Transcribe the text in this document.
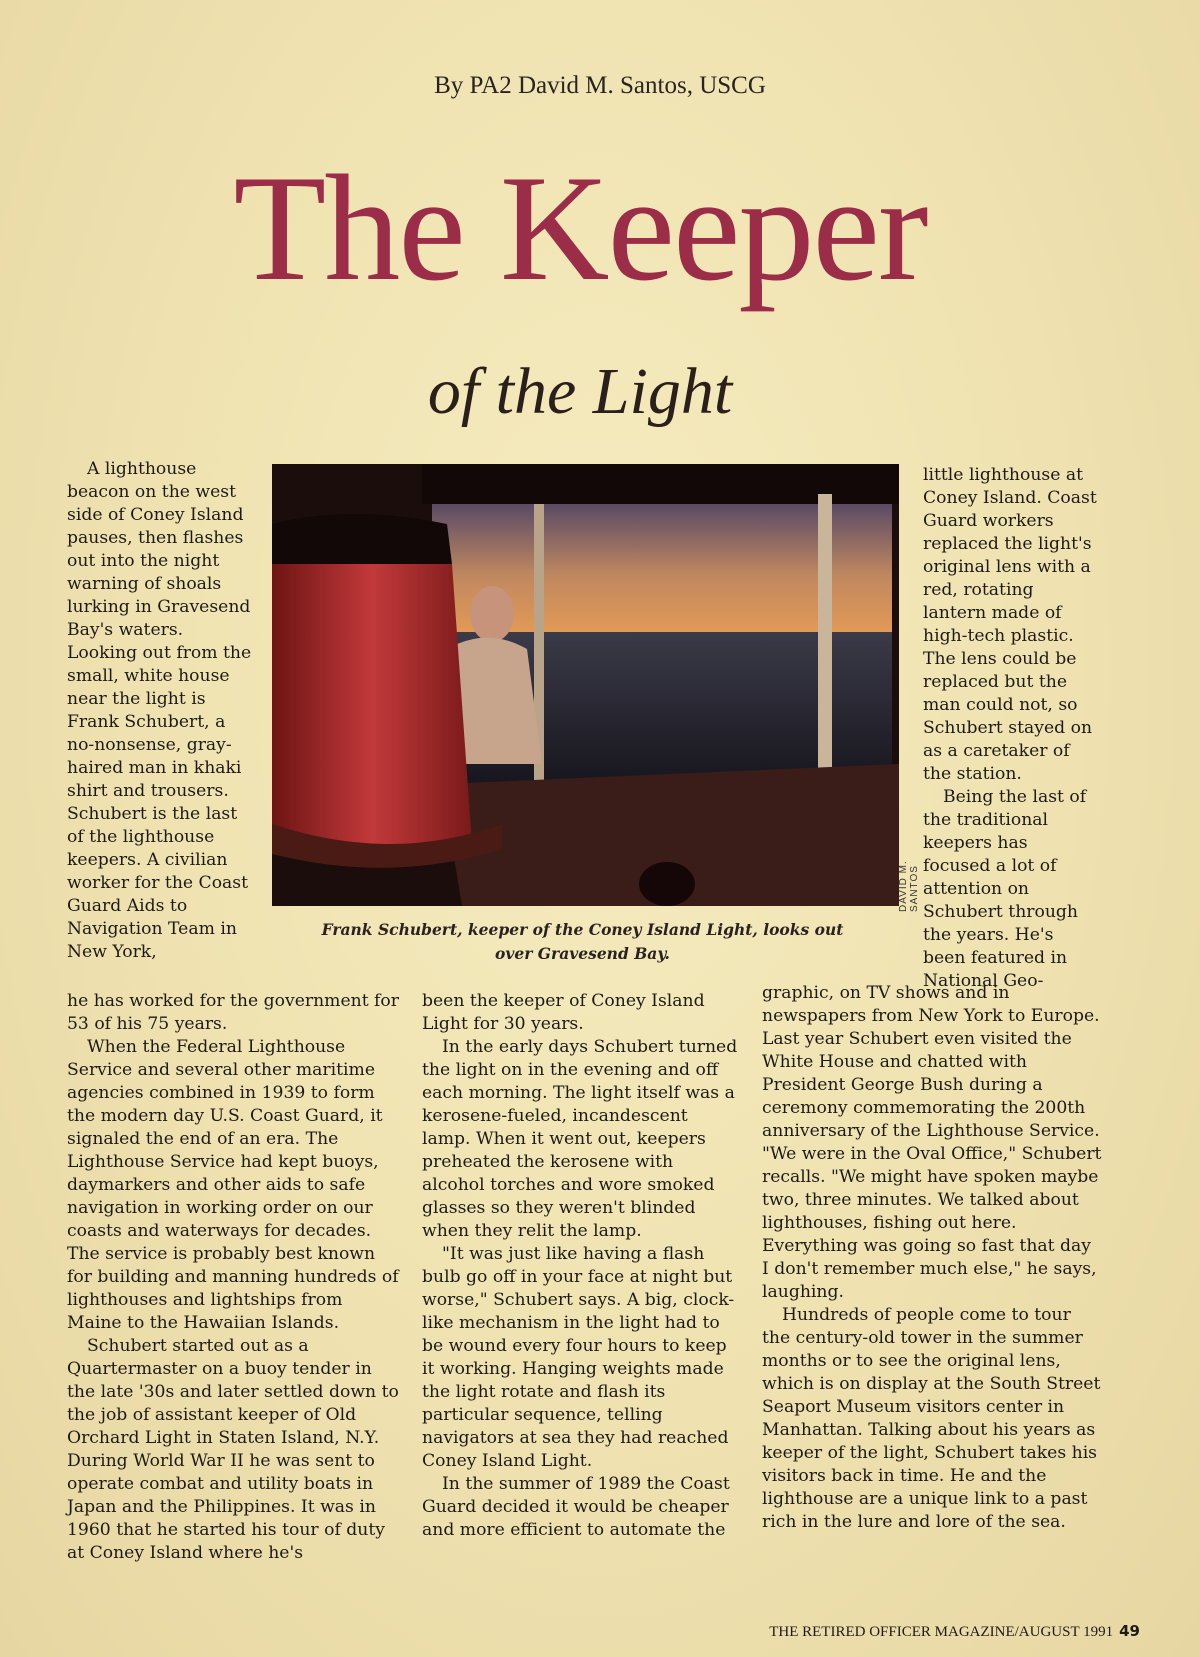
By PA2 David M. Santos, USCG
The Keeper
of the Light
DAVID M. SANTOS
Frank Schubert, keeper of the Coney Island Light, looks out
over Gravesend Bay.

A lighthouse beacon on the west side of Coney Island pauses, then flashes out into the night warning of shoals lurking in Gravesend Bay's waters. Looking out from the small, white house near the light is Frank Schubert, a no-nonsense, gray-haired man in khaki shirt and trousers. Schubert is the last of the lighthouse keepers. A civilian worker for the Coast Guard Aids to Navigation Team in New York,

little lighthouse at Coney Island. Coast Guard workers replaced the light's original lens with a red, rotating lantern made of high-tech plastic. The lens could be replaced but the man could not, so Schubert stayed on as a caretaker of the station.

Being the last of the traditional keepers has focused a lot of attention on Schubert through the years. He's been featured in National Geo-

he has worked for the government for 53 of his 75 years.

When the Federal Lighthouse Service and several other maritime agencies combined in 1939 to form the modern day U.S. Coast Guard, it signaled the end of an era. The Lighthouse Service had kept buoys, daymarkers and other aids to safe navigation in working order on our coasts and waterways for decades. The service is probably best known for building and manning hundreds of lighthouses and lightships from Maine to the Hawaiian Islands.

Schubert started out as a Quartermaster on a buoy tender in the late '30s and later settled down to the job of assistant keeper of Old Orchard Light in Staten Island, N.Y. During World War II he was sent to operate combat and utility boats in Japan and the Philippines. It was in 1960 that he started his tour of duty at Coney Island where he's

been the keeper of Coney Island Light for 30 years.

In the early days Schubert turned the light on in the evening and off each morning. The light itself was a kerosene-fueled, incandescent lamp. When it went out, keepers preheated the kerosene with alcohol torches and wore smoked glasses so they weren't blinded when they relit the lamp.

"It was just like having a flash bulb go off in your face at night but worse," Schubert says. A big, clock-like mechanism in the light had to be wound every four hours to keep it working. Hanging weights made the light rotate and flash its particular sequence, telling navigators at sea they had reached Coney Island Light.

In the summer of 1989 the Coast Guard decided it would be cheaper and more efficient to automate the

graphic, on TV shows and in newspapers from New York to Europe. Last year Schubert even visited the White House and chatted with President George Bush during a ceremony commemorating the 200th anniversary of the Lighthouse Service. "We were in the Oval Office," Schubert recalls. "We might have spoken maybe two, three minutes. We talked about lighthouses, fishing out here. Everything was going so fast that day I don't remember much else," he says, laughing.

Hundreds of people come to tour the century-old tower in the summer months or to see the original lens, which is on display at the South Street Seaport Museum visitors center in Manhattan. Talking about his years as keeper of the light, Schubert takes his visitors back in time. He and the lighthouse are a unique link to a past rich in the lure and lore of the sea.

THE RETIRED OFFICER MAGAZINE/AUGUST 1991 49
